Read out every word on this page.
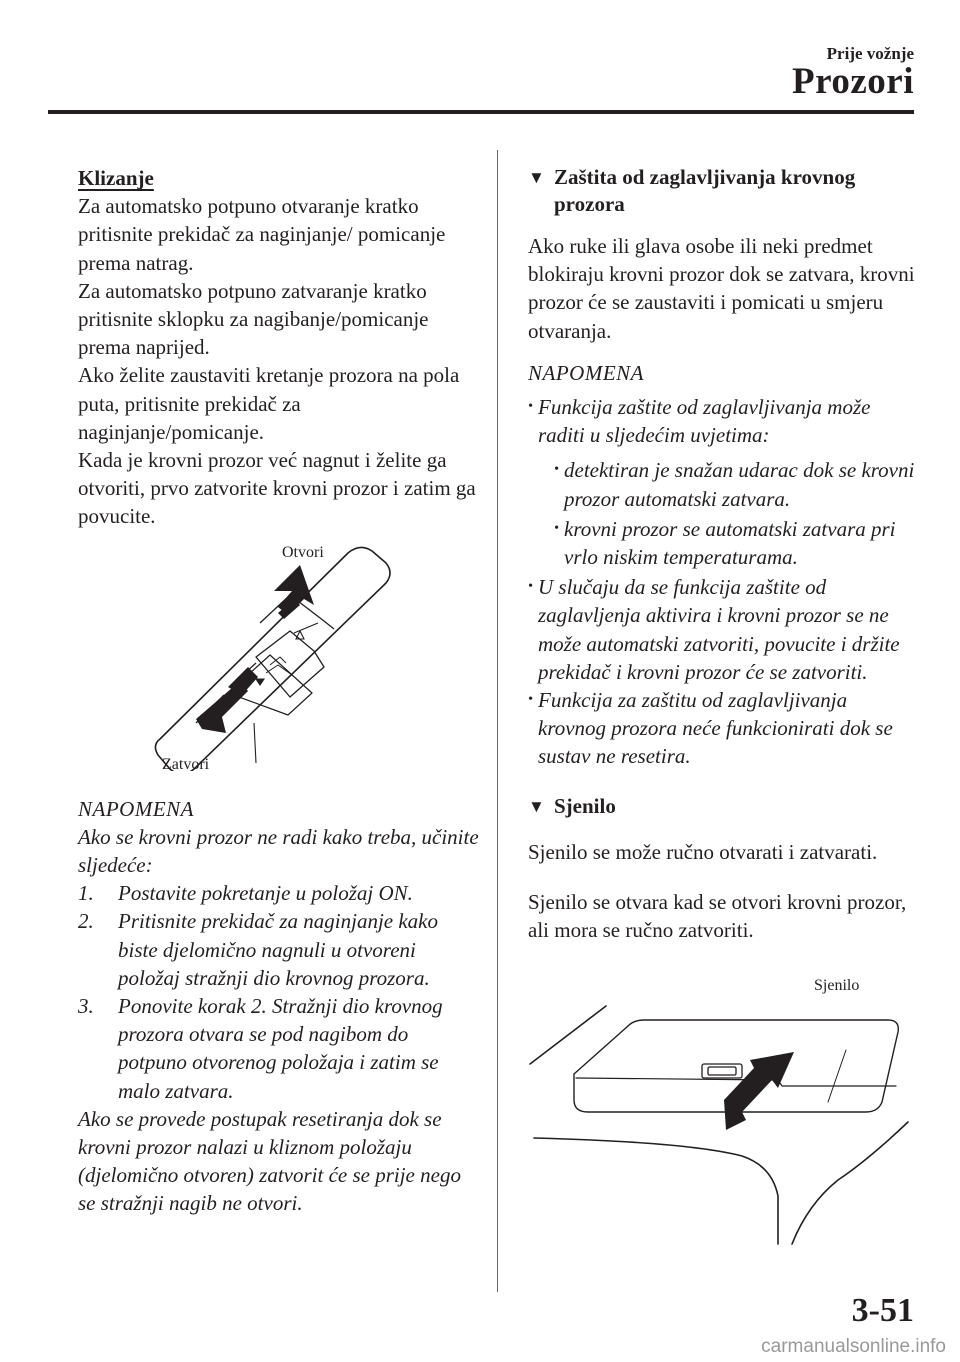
Prije vožnje
Prozori

Klizanje

Za automatsko potpuno otvaranje kratko pritisnite prekidač za naginjanje/ pomicanje prema natrag.

Za automatsko potpuno zatvaranje kratko pritisnite sklopku za nagibanje/pomicanje prema naprijed.

Ako želite zaustaviti kretanje prozora na pola puta, pritisnite prekidač za naginjanje/pomicanje.

Kada je krovni prozor već nagnut i želite ga otvoriti, prvo zatvorite krovni prozor i zatim ga povucite.

Otvori
Zatvori

NAPOMENA

Ako se krovni prozor ne radi kako treba, učinite sljedeće:

1.	Postavite pokretanje u položaj ON.
2.	Pritisnite prekidač za naginjanje kako biste djelomično nagnuli u otvoreni položaj stražnji dio krovnog prozora.
3.	Ponovite korak 2. Stražnji dio krovnog prozora otvara se pod nagibom do potpuno otvorenog položaja i zatim se malo zatvara.

Ako se provede postupak resetiranja dok se krovni prozor nalazi u kliznom položaju (djelomično otvoren) zatvorit će se prije nego se stražnji nagib ne otvori.

▼ Zaštita od zaglavljivanja krovnog prozora

Ako ruke ili glava osobe ili neki predmet blokiraju krovni prozor dok se zatvara, krovni prozor će se zaustaviti i pomicati u smjeru otvaranja.

NAPOMENA

• Funkcija zaštite od zaglavljivanja može raditi u sljedećim uvjetima:
• detektiran je snažan udarac dok se krovni prozor automatski zatvara.
• krovni prozor se automatski zatvara pri vrlo niskim temperaturama.
• U slučaju da se funkcija zaštite od zaglavljenja aktivira i krovni prozor se ne može automatski zatvoriti, povucite i držite prekidač i krovni prozor će se zatvoriti.
• Funkcija za zaštitu od zaglavljivanja krovnog prozora neće funkcionirati dok se sustav ne resetira.
▼ Sjenilo

Sjenilo se može ručno otvarati i zatvarati.

Sjenilo se otvara kad se otvori krovni prozor, ali mora se ručno zatvoriti.

Sjenilo
3-51
carmanualsonline.info
